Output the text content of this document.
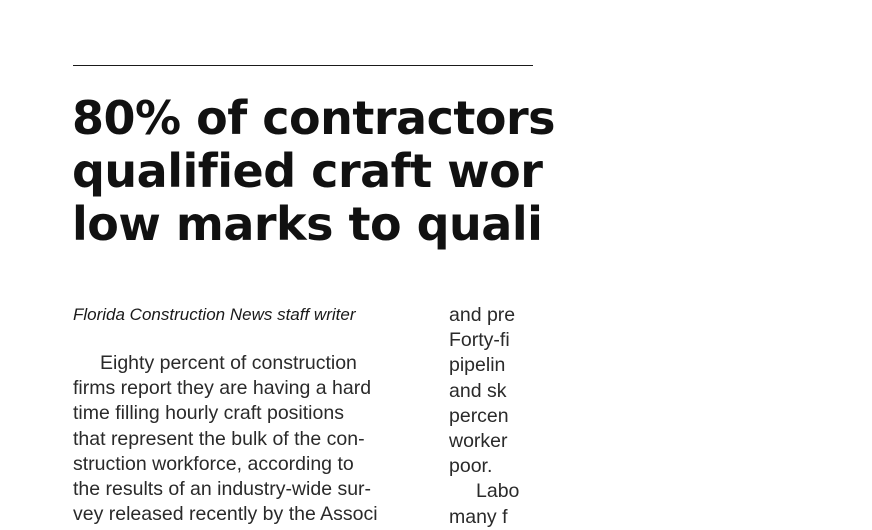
80% of contractors
qualified craft wor
low marks to quali
Florida Construction News staff writer
Eighty percent of construction
firms report they are having a hard
time filling hourly craft positions
that represent the bulk of the con-
struction workforce, according to
the results of an industry-wide sur-
vey released recently by the Associ
and pre
Forty-fi
pipelin
and sk
percen
worker
poor.
Labo
many f
